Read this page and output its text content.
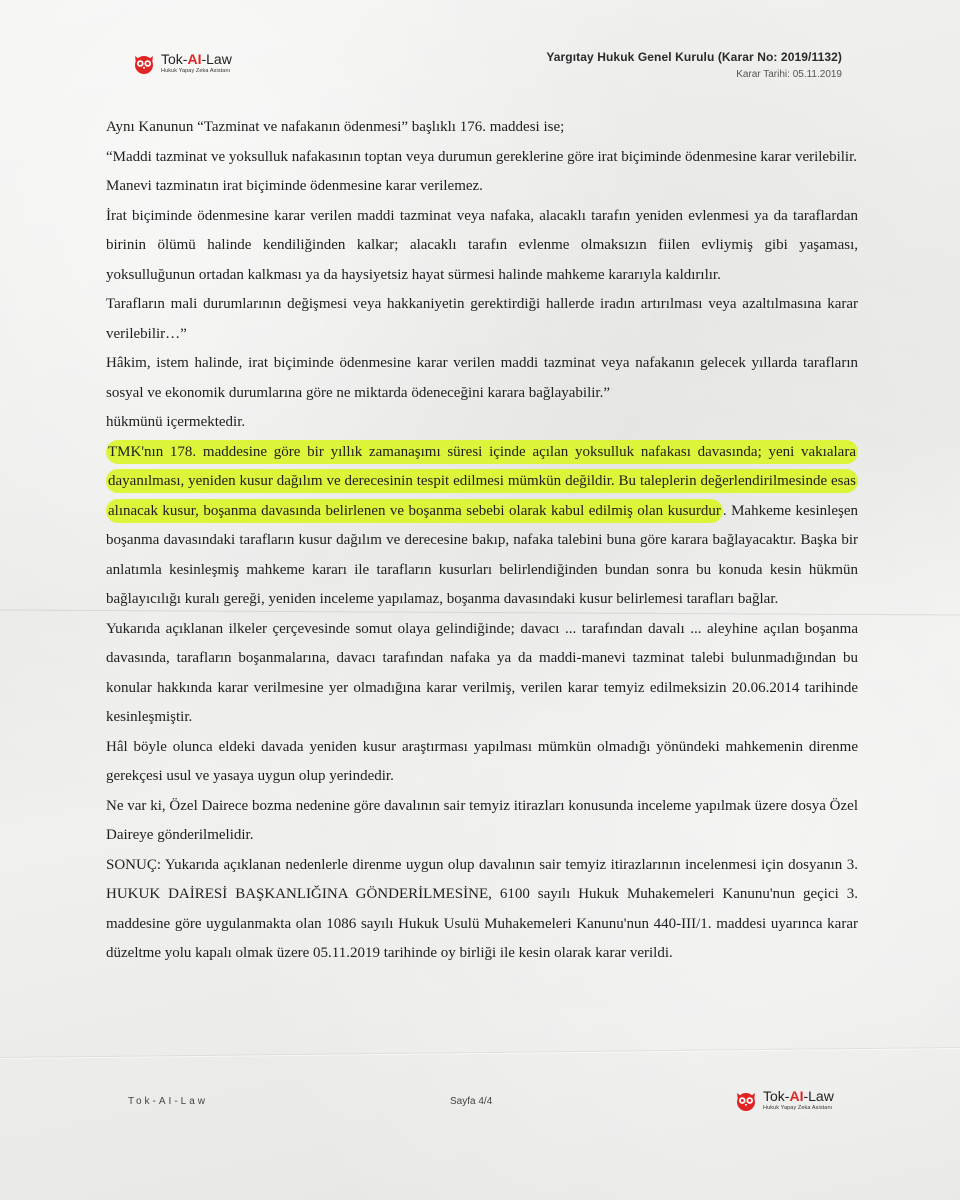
Tok-AI-Law
Hukuk Yapay Zeka Asistanı
Yargıtay Hukuk Genel Kurulu (Karar No: 2019/1132)
Karar Tarihi: 05.11.2019

Aynı Kanunun “Tazminat ve nafakanın ödenmesi” başlıklı 176. maddesi ise;

“Maddi tazminat ve yoksulluk nafakasının toptan veya durumun gereklerine göre irat biçiminde ödenmesine karar verilebilir.

Manevi tazminatın irat biçiminde ödenmesine karar verilemez.

İrat biçiminde ödenmesine karar verilen maddi tazminat veya nafaka, alacaklı tarafın yeniden evlenmesi ya da taraflardan birinin ölümü halinde kendiliğinden kalkar; alacaklı tarafın evlenme olmaksızın fiilen evliymiş gibi yaşaması, yoksulluğunun ortadan kalkması ya da haysiyetsiz hayat sürmesi halinde mahkeme kararıyla kaldırılır.

Tarafların mali durumlarının değişmesi veya hakkaniyetin gerektirdiği hallerde iradın artırılması veya azaltılmasına karar verilebilir…”

Hâkim, istem halinde, irat biçiminde ödenmesine karar verilen maddi tazminat veya nafakanın gelecek yıllarda tarafların sosyal ve ekonomik durumlarına göre ne miktarda ödeneceğini karara bağlayabilir.”

hükmünü içermektedir.

TMK'nın 178. maddesine göre bir yıllık zamanaşımı süresi içinde açılan yoksulluk nafakası davasında; yeni vakıalara dayanılması, yeniden kusur dağılım ve derecesinin tespit edilmesi mümkün değildir. Bu taleplerin değerlendirilmesinde esas alınacak kusur, boşanma davasında belirlenen ve boşanma sebebi olarak kabul edilmiş olan kusurdur . Mahkeme kesinleşen boşanma davasındaki tarafların kusur dağılım ve derecesine bakıp, nafaka talebini buna göre karara bağlayacaktır. Başka bir anlatımla kesinleşmiş mahkeme kararı ile tarafların kusurları belirlendiğinden bundan sonra bu konuda kesin hükmün bağlayıcılığı kuralı gereği, yeniden inceleme yapılamaz, boşanma davasındaki kusur belirlemesi tarafları bağlar.

Yukarıda açıklanan ilkeler çerçevesinde somut olaya gelindiğinde; davacı ... tarafından davalı ... aleyhine açılan boşanma davasında, tarafların boşanmalarına, davacı tarafından nafaka ya da maddi-manevi tazminat talebi bulunmadığından bu konular hakkında karar verilmesine yer olmadığına karar verilmiş, verilen karar temyiz edilmeksizin 20.06.2014 tarihinde kesinleşmiştir.

Hâl böyle olunca eldeki davada yeniden kusur araştırması yapılması mümkün olmadığı yönündeki mahkemenin direnme gerekçesi usul ve yasaya uygun olup yerindedir.

Ne var ki, Özel Dairece bozma nedenine göre davalının sair temyiz itirazları konusunda inceleme yapılmak üzere dosya Özel Daireye gönderilmelidir.

SONUÇ: Yukarıda açıklanan nedenlerle direnme uygun olup davalının sair temyiz itirazlarının incelenmesi için dosyanın 3. HUKUK DAİRESİ BAŞKANLIĞINA GÖNDERİLMESİNE, 6100 sayılı Hukuk Muhakemeleri Kanunu'nun geçici 3. maddesine göre uygulanmakta olan 1086 sayılı Hukuk Usulü Muhakemeleri Kanunu'nun 440-III/1. maddesi uyarınca karar düzeltme yolu kapalı olmak üzere 05.11.2019 tarihinde oy birliği ile kesin olarak karar verildi.

Tok-AI-Law	Sayfa 4/4	Tok-AI-Law
Hukuk Yapay Zeka Asistanı
